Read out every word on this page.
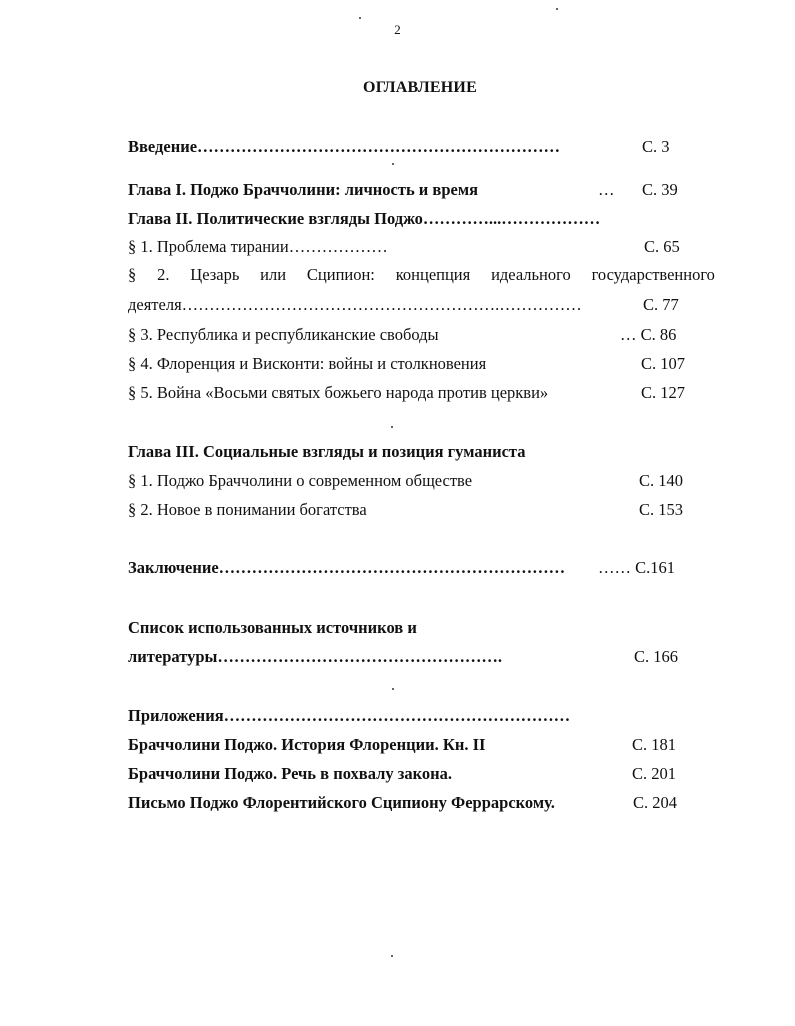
2
ОГЛАВЛЕНИЕ
Введение…………………………………………………………	С. 3
Глава I. Поджо Браччолини: личность и время	… С. 39
Глава II. Политические взгляды Поджо…………...………………
§ 1. Проблема тирании………………	С. 65
§ 2. Цезарь или Сципион: концепция идеального государственного
деятеля………………………………………………….……………	С. 77
§ 3. Республика и республиканские свободы	… С. 86
§ 4. Флоренция и Висконти: войны и столкновения	С. 107
§ 5. Война «Восьми святых божьего народа против церкви»	С. 127
Глава III. Социальные взгляды и позиция гуманиста
§ 1. Поджо Браччолини о современном обществе	С. 140
§ 2. Новое в понимании богатства	С. 153
Заключение……………………………………………………… …… С.161
Список использованных источников и
литературы…………………………………………….	С. 166
Приложения………………………………………………………
Браччолини Поджо. История Флоренции. Кн. II	С. 181
Браччолини Поджо. Речь в похвалу закона.	С. 201
Письмо Поджо Флорентийского Сципиону Феррарскому.	С. 204
